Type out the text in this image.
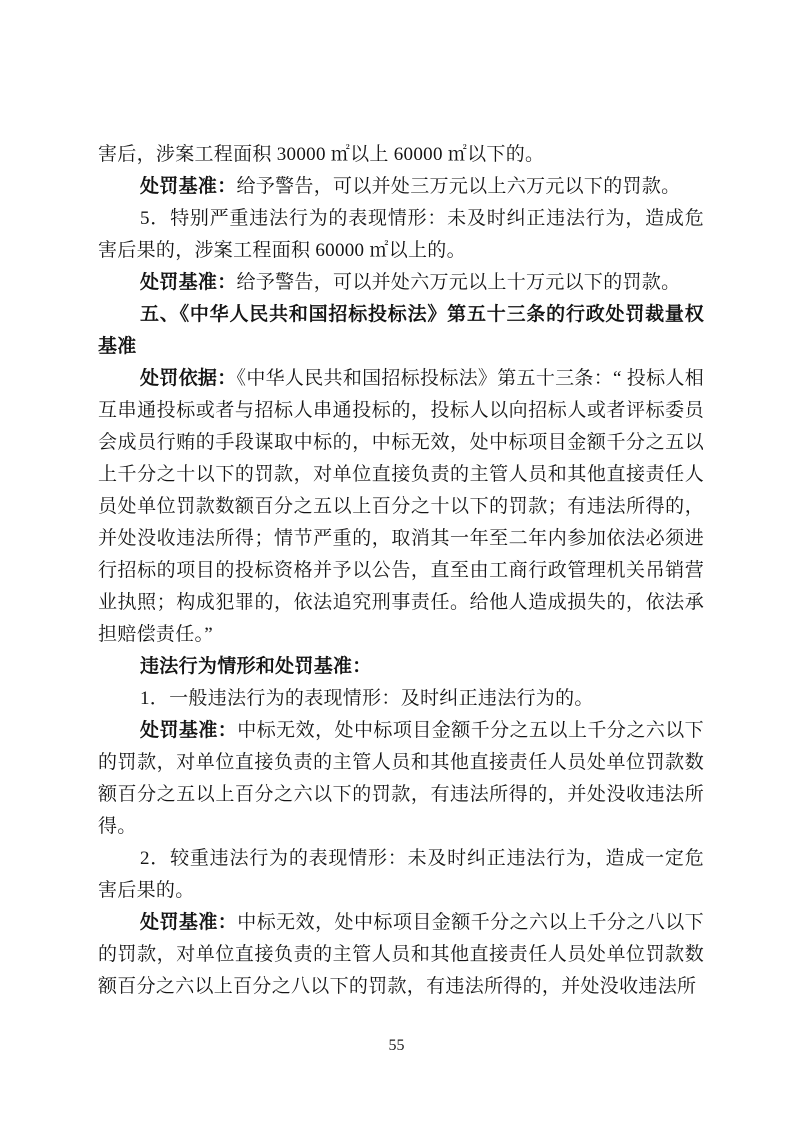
害后，涉案工程面积 30000 ㎡以上 60000 ㎡以下的。

处罚基准：给予警告，可以并处三万元以上六万元以下的罚款。

5．特别严重违法行为的表现情形：未及时纠正违法行为，造成危害后果的，涉案工程面积 60000 ㎡以上的。

处罚基准：给予警告，可以并处六万元以上十万元以下的罚款。

五、《中华人民共和国招标投标法》第五十三条的行政处罚裁量权基准

处罚依据：《中华人民共和国招标投标法》第五十三条：“ 投标人相互串通投标或者与招标人串通投标的，投标人以向招标人或者评标委员会成员行贿的手段谋取中标的，中标无效，处中标项目金额千分之五以上千分之十以下的罚款，对单位直接负责的主管人员和其他直接责任人员处单位罚款数额百分之五以上百分之十以下的罚款；有违法所得的，并处没收违法所得；情节严重的，取消其一年至二年内参加依法必须进行招标的项目的投标资格并予以公告，直至由工商行政管理机关吊销营业执照；构成犯罪的，依法追究刑事责任。给他人造成损失的，依法承担赔偿责任。”

违法行为情形和处罚基准：

1．一般违法行为的表现情形：及时纠正违法行为的。

处罚基准：中标无效，处中标项目金额千分之五以上千分之六以下的罚款，对单位直接负责的主管人员和其他直接责任人员处单位罚款数额百分之五以上百分之六以下的罚款，有违法所得的，并处没收违法所得。

2．较重违法行为的表现情形：未及时纠正违法行为，造成一定危害后果的。

处罚基准：中标无效，处中标项目金额千分之六以上千分之八以下的罚款，对单位直接负责的主管人员和其他直接责任人员处单位罚款数额百分之六以上百分之八以下的罚款，有违法所得的，并处没收违法所

55
